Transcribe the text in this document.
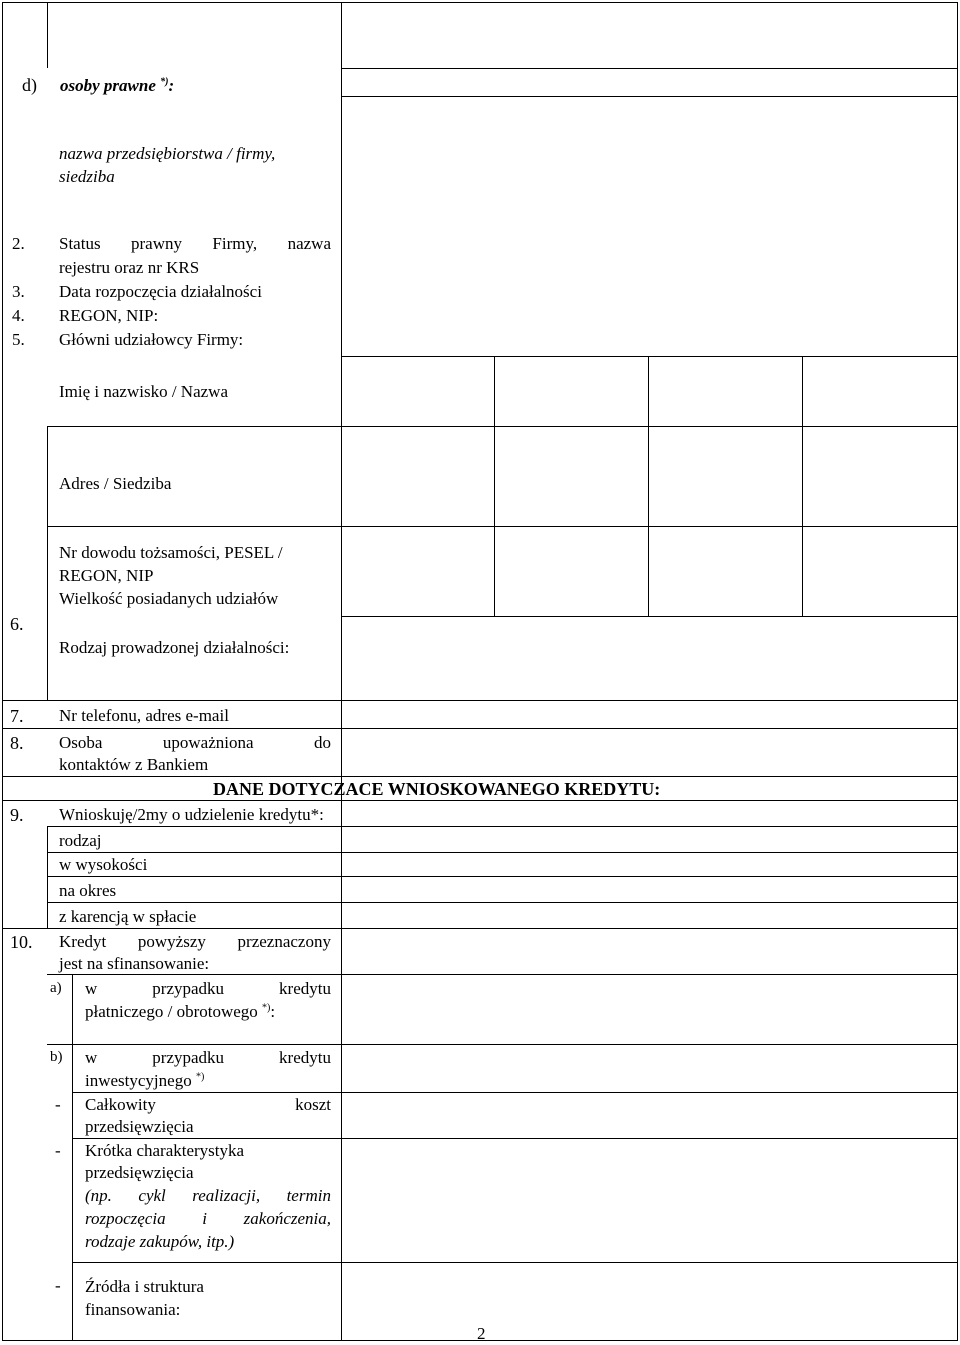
d) osoby prawne *):
nazwa przedsiębiorstwa / firmy,
siedziba
2. Status prawny Firmy, nazwa
rejestru oraz nr KRS
3. Data rozpoczęcia działalności
4. REGON, NIP:
5. Główni udziałowcy Firmy:
Imię i nazwisko / Nazwa
Adres / Siedziba
Nr dowodu tożsamości, PESEL /
REGON, NIP
Wielkość posiadanych udziałów
6.
Rodzaj prowadzonej działalności:
7. Nr telefonu, adres e-mail
8. Osoba	upoważniona	do
kontaktów z Bankiem
DANE DOTYCZACE WNIOSKOWANEGO KREDYTU:
9. Wnioskuję/2my o udzielenie kredytu*:
rodzaj
w wysokości
na okres
z karencją w spłacie
10. Kredyt powyższy przeznaczony
jest na sfinansowanie:
a) w	przypadku	kredytu
płatniczego / obrotowego *):
b) w	przypadku	kredytu
inwestycyjnego *)
- Całkowity	koszt
przedsięwzięcia
- Krótka charakterystyka
przedsięwzięcia
(np. cykl realizacji, termin
rozpoczęcia i zakończenia,
rodzaje zakupów, itp.)
- Źródła i struktura
finansowania:
2
